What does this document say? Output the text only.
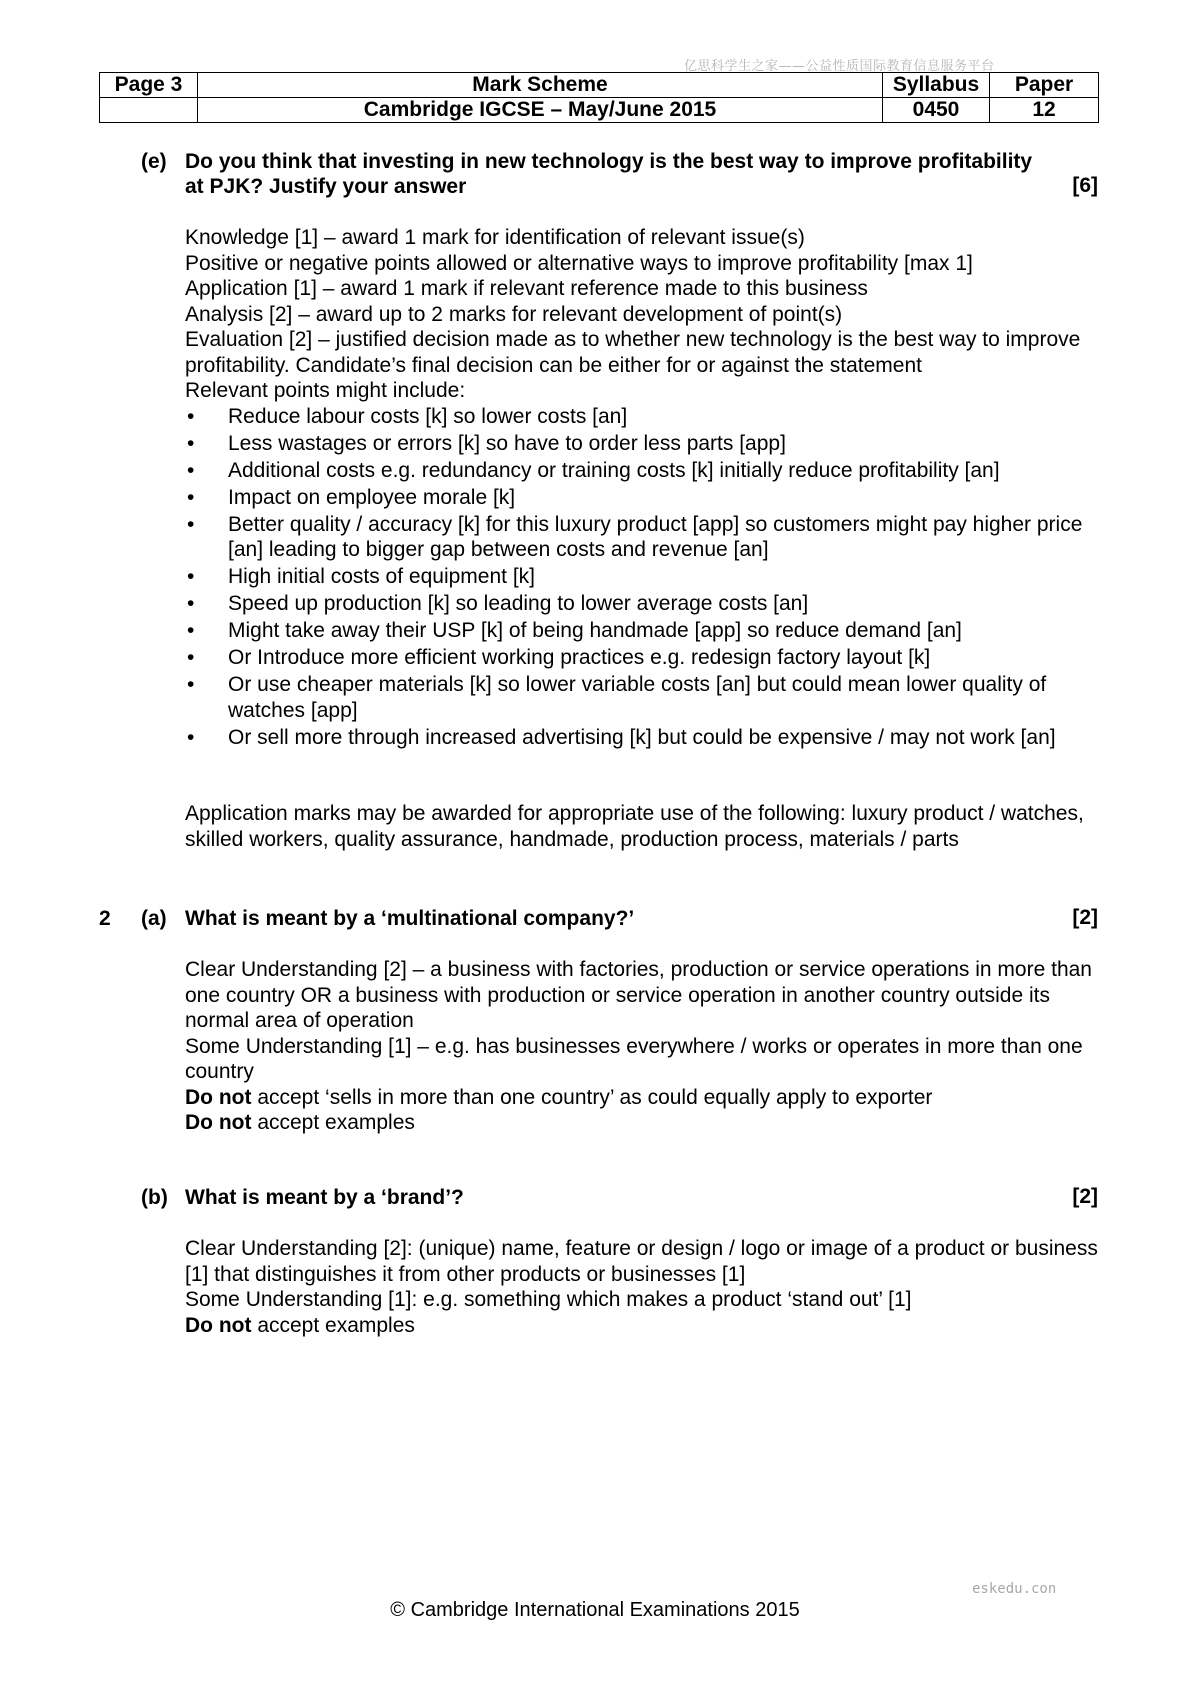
亿思科学生之家——公益性质国际教育信息服务平台
Page 3	Mark Scheme	Syllabus	Paper
	Cambridge IGCSE – May/June 2015	0450	12
(e) Do you think that investing in new technology is the best way to improve profitability
at PJK? Justify your answer	[6]

Knowledge [1] – award 1 mark for identification of relevant issue(s)

Positive or negative points allowed or alternative ways to improve profitability [max 1]

Application [1] – award 1 mark if relevant reference made to this business

Analysis [2] – award up to 2 marks for relevant development of point(s)

Evaluation [2] – justified decision made as to whether new technology is the best way to improve profitability. Candidate’s final decision can be either for or against the statement

Relevant points might include:

• Reduce labour costs [k] so lower costs [an]
• Less wastages or errors [k] so have to order less parts [app]
• Additional costs e.g. redundancy or training costs [k] initially reduce profitability [an]
• Impact on employee morale [k]
• Better quality / accuracy [k] for this luxury product [app] so customers might pay higher price [an] leading to bigger gap between costs and revenue [an]
• High initial costs of equipment [k]
• Speed up production [k] so leading to lower average costs [an]
• Might take away their USP [k] of being handmade [app] so reduce demand [an]
• Or Introduce more efficient working practices e.g. redesign factory layout [k]
• Or use cheaper materials [k] so lower variable costs [an] but could mean lower quality of watches [app]
• Or sell more through increased advertising [k] but could be expensive / may not work [an]
Application marks may be awarded for appropriate use of the following: luxury product / watches, skilled workers, quality assurance, handmade, production process, materials / parts
2 (a) What is meant by a ‘multinational company?’	[2]

Clear Understanding [2] – a business with factories, production or service operations in more than one country OR a business with production or service operation in another country outside its normal area of operation

Some Understanding [1] – e.g. has businesses everywhere / works or operates in more than one country

Do not accept ‘sells in more than one country’ as could equally apply to exporter

Do not accept examples

(b) What is meant by a ‘brand’?	[2]

Clear Understanding [2]: (unique) name, feature or design / logo or image of a product or business [1] that distinguishes it from other products or businesses [1]

Some Understanding [1]: e.g. something which makes a product ‘stand out’ [1]

Do not accept examples

eskedu.con
© Cambridge International Examinations 2015
